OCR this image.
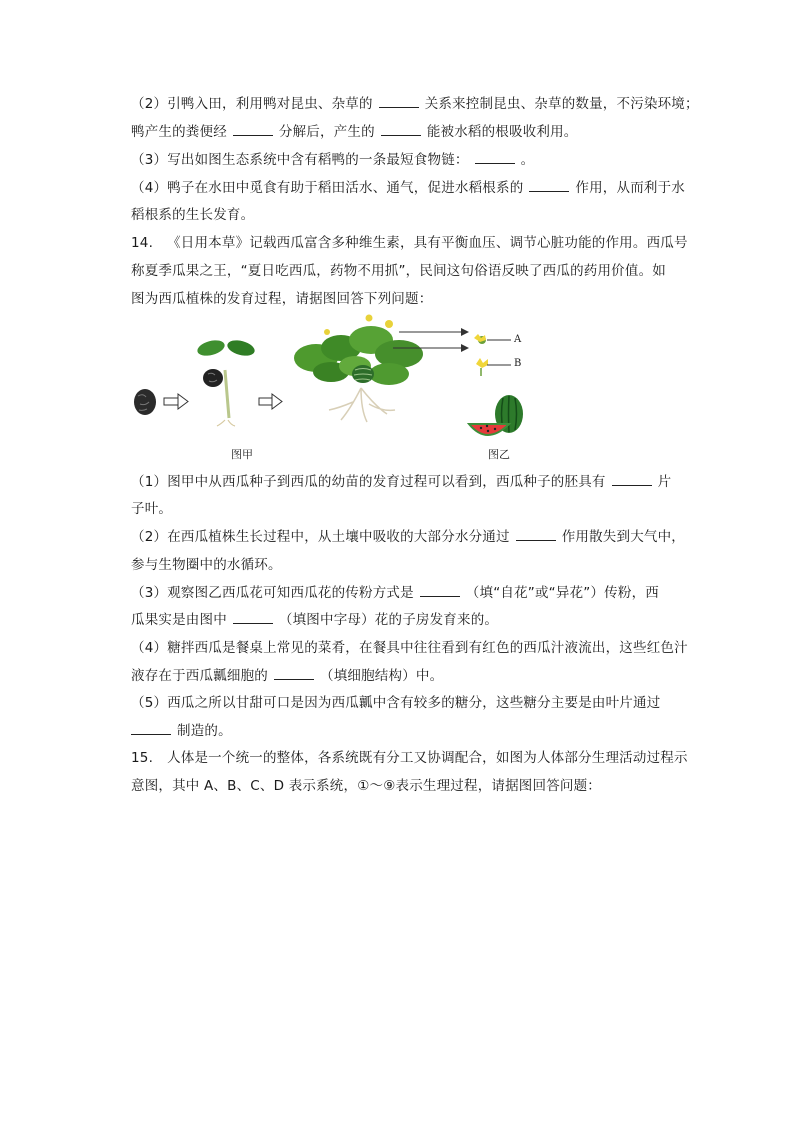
（2）引鸭入田，利用鸭对昆虫、杂草的	关系来控制昆虫、杂草的数量，不污染环境；
鸭产生的粪便经	分解后，产生的	能被水稻的根吸收利用。
（3）写出如图生态系统中含有稻鸭的一条最短食物链：	。
（4）鸭子在水田中觅食有助于稻田活水、通气，促进水稻根系的	作用，从而利于水
稻根系的生长发育。
14. 《日用本草》记载西瓜富含多种维生素，具有平衡血压、调节心脏功能的作用。西瓜号
称夏季瓜果之王，“夏日吃西瓜，药物不用抓”，民间这句俗语反映了西瓜的药用价值。如
图为西瓜植株的发育过程，请据图回答下列问题：
A
B
图甲	图乙
（1）图甲中从西瓜种子到西瓜的幼苗的发育过程可以看到，西瓜种子的胚具有	片
子叶。
（2）在西瓜植株生长过程中，从土壤中吸收的大部分水分通过	作用散失到大气中，
参与生物圈中的水循环。
（3）观察图乙西瓜花可知西瓜花的传粉方式是	（填“自花”或“异花”）传粉，西
瓜果实是由图中	（填图中字母）花的子房发育来的。
（4）糖拌西瓜是餐桌上常见的菜肴，在餐具中往往看到有红色的西瓜汁液流出，这些红色汁
液存在于西瓜瓤细胞的	（填细胞结构）中。
（5）西瓜之所以甘甜可口是因为西瓜瓤中含有较多的糖分，这些糖分主要是由叶片通过
制造的。
15. 人体是一个统一的整体，各系统既有分工又协调配合，如图为人体部分生理活动过程示
意图，其中 A、B、C、D 表示系统，①～⑨表示生理过程，请据图回答问题：
